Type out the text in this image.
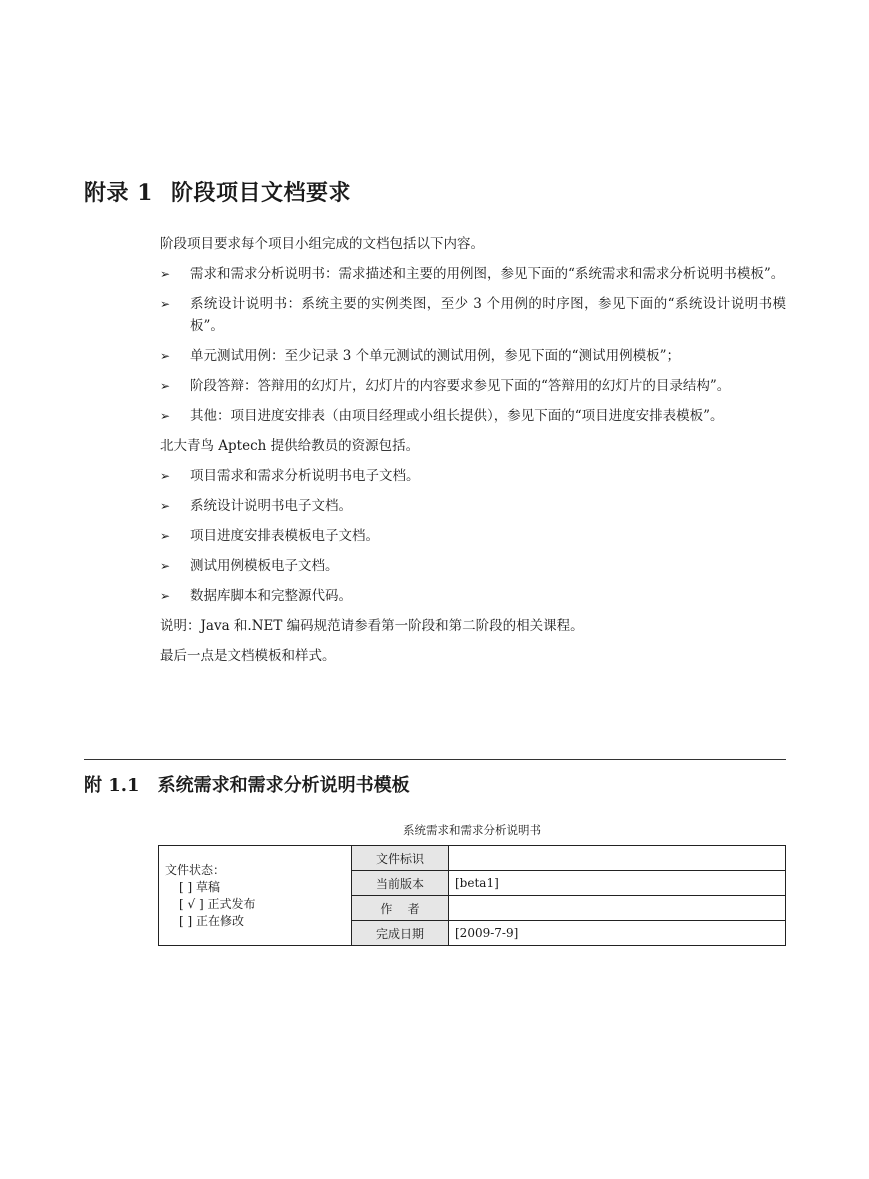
附录 1 阶段项目文档要求

阶段项目要求每个项目小组完成的文档包括以下内容。

➢ 需求和需求分析说明书：需求描述和主要的用例图，参见下面的“系统需求和需求分析说明书模板”。

➢ 系统设计说明书：系统主要的实例类图，至少 3 个用例的时序图，参见下面的“系统设计说明书模板”。

➢ 单元测试用例：至少记录 3 个单元测试的测试用例，参见下面的“测试用例模板”；

➢ 阶段答辩：答辩用的幻灯片，幻灯片的内容要求参见下面的“答辩用的幻灯片的目录结构”。

➢ 其他：项目进度安排表（由项目经理或小组长提供），参见下面的“项目进度安排表模板”。

北大青鸟 Aptech 提供给教员的资源包括。

➢ 项目需求和需求分析说明书电子文档。

➢ 系统设计说明书电子文档。

➢ 项目进度安排表模板电子文档。

➢ 测试用例模板电子文档。

➢ 数据库脚本和完整源代码。

说明：Java 和.NET 编码规范请参看第一阶段和第二阶段的相关课程。

最后一点是文档模板和样式。

附 1.1 系统需求和需求分析说明书模板
系统需求和需求分析说明书
文件状态：
[ ] 草稿
[ √ ] 正式发布
[ ] 正在修改	文件标识	
	当前版本	[beta1]
	作    者	
	完成日期	[2009-7-9]
